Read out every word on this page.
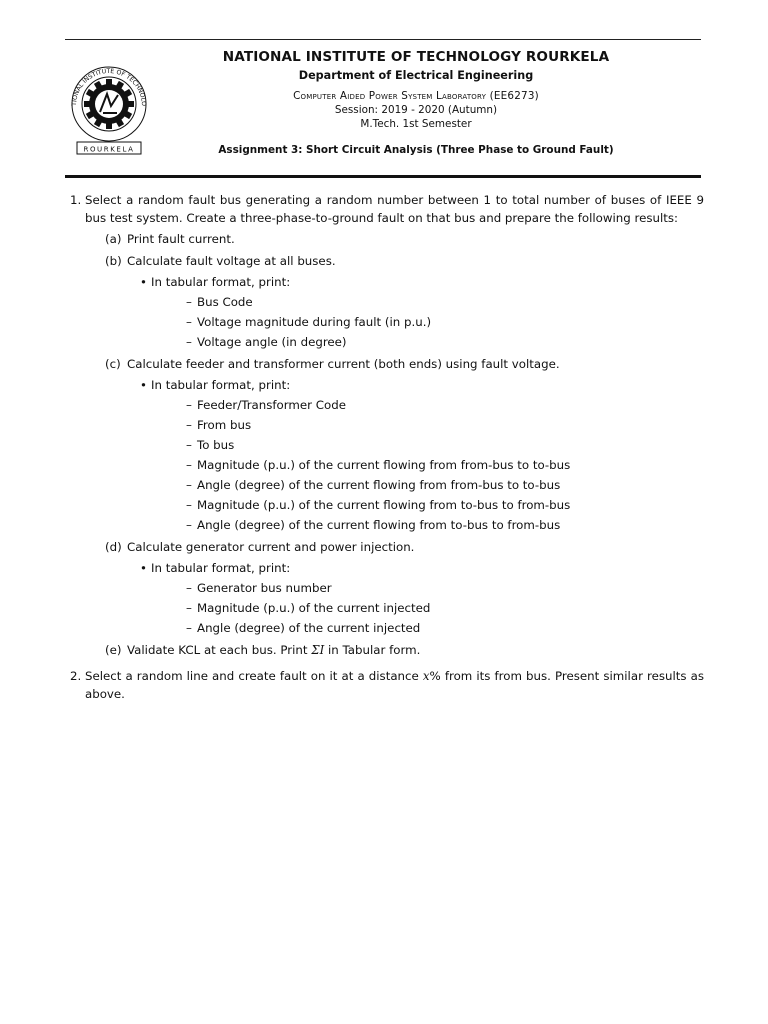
TIONAL INSTITUTE OF TECHNOLO
ROURKELA
NATIONAL INSTITUTE OF TECHNOLOGY ROURKELA
Department of Electrical Engineering
Computer Aided Power System Laboratory (EE6273)
Session: 2019 - 2020 (Autumn)
M.Tech. 1st Semester
Assignment 3: Short Circuit Analysis (Three Phase to Ground Fault)
1. Select a random fault bus generating a random number between 1 to total number of buses of IEEE 9 bus test system. Create a three-phase-to-ground fault on that bus and prepare the following results:
(a) Print fault current.
(b) Calculate fault voltage at all buses.
• In tabular format, print:
– Bus Code
– Voltage magnitude during fault (in p.u.)
– Voltage angle (in degree)
(c) Calculate feeder and transformer current (both ends) using fault voltage.
• In tabular format, print:
– Feeder/Transformer Code
– From bus
– To bus
– Magnitude (p.u.) of the current flowing from from-bus to to-bus
– Angle (degree) of the current flowing from from-bus to to-bus
– Magnitude (p.u.) of the current flowing from to-bus to from-bus
– Angle (degree) of the current flowing from to-bus to from-bus
(d) Calculate generator current and power injection.
• In tabular format, print:
– Generator bus number
– Magnitude (p.u.) of the current injected
– Angle (degree) of the current injected
(e) Validate KCL at each bus. Print ΣI in Tabular form.
2. Select a random line and create fault on it at a distance x% from its from bus. Present similar results as above.
